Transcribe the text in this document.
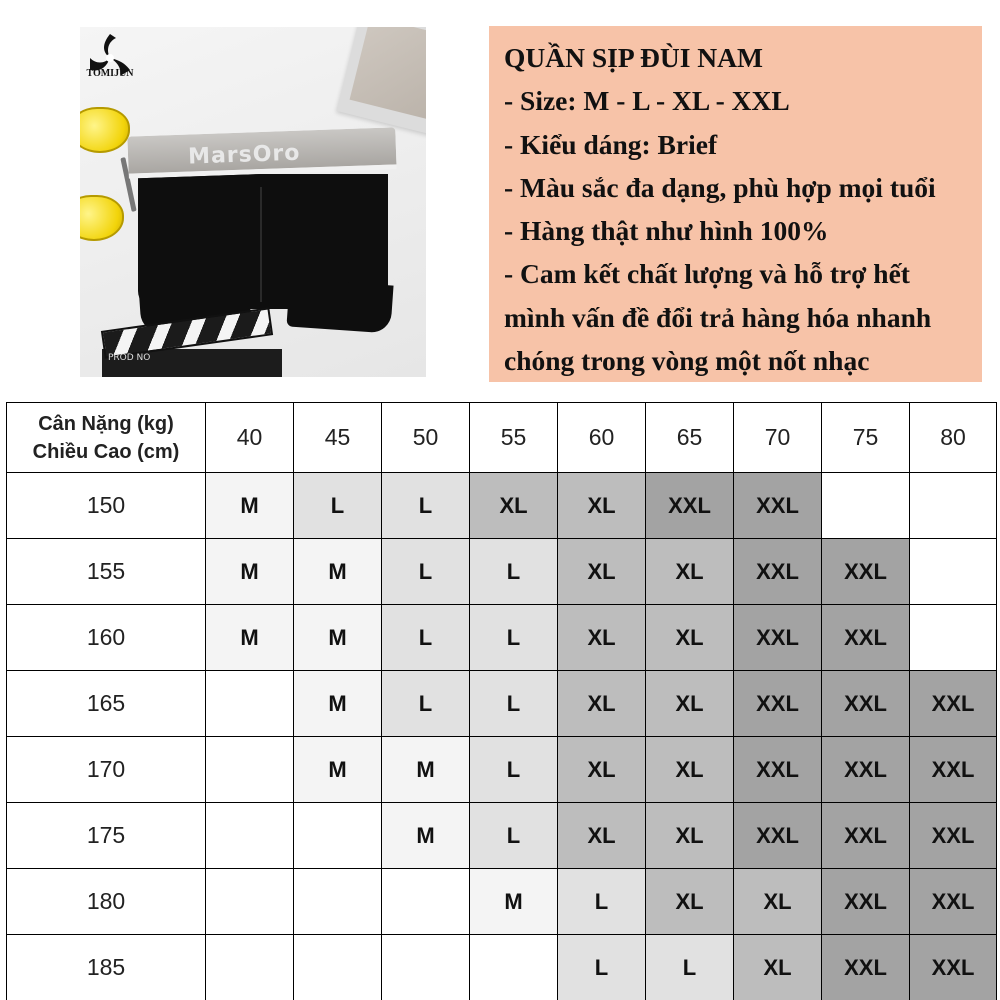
MarsOro
PROD NO
TOMIJUN
QUẦN SỊP ĐÙI NAM
- Size: M - L - XL - XXL
- Kiểu dáng: Brief
- Màu sắc đa dạng, phù hợp mọi tuổi
- Hàng thật như hình 100%
- Cam kết chất lượng và hỗ trợ hết
mình vấn đề đổi trả hàng hóa nhanh
chóng trong vòng một nốt nhạc
Cân Nặng (kg)
Chiều Cao (cm)	40	45	50	55	60	65	70	75	80
150	M	L	L	XL	XL	XXL	XXL		
155	M	M	L	L	XL	XL	XXL	XXL	
160	M	M	L	L	XL	XL	XXL	XXL	
165		M	L	L	XL	XL	XXL	XXL	XXL
170		M	M	L	XL	XL	XXL	XXL	XXL
175			M	L	XL	XL	XXL	XXL	XXL
180				M	L	XL	XL	XXL	XXL
185					L	L	XL	XXL	XXL
